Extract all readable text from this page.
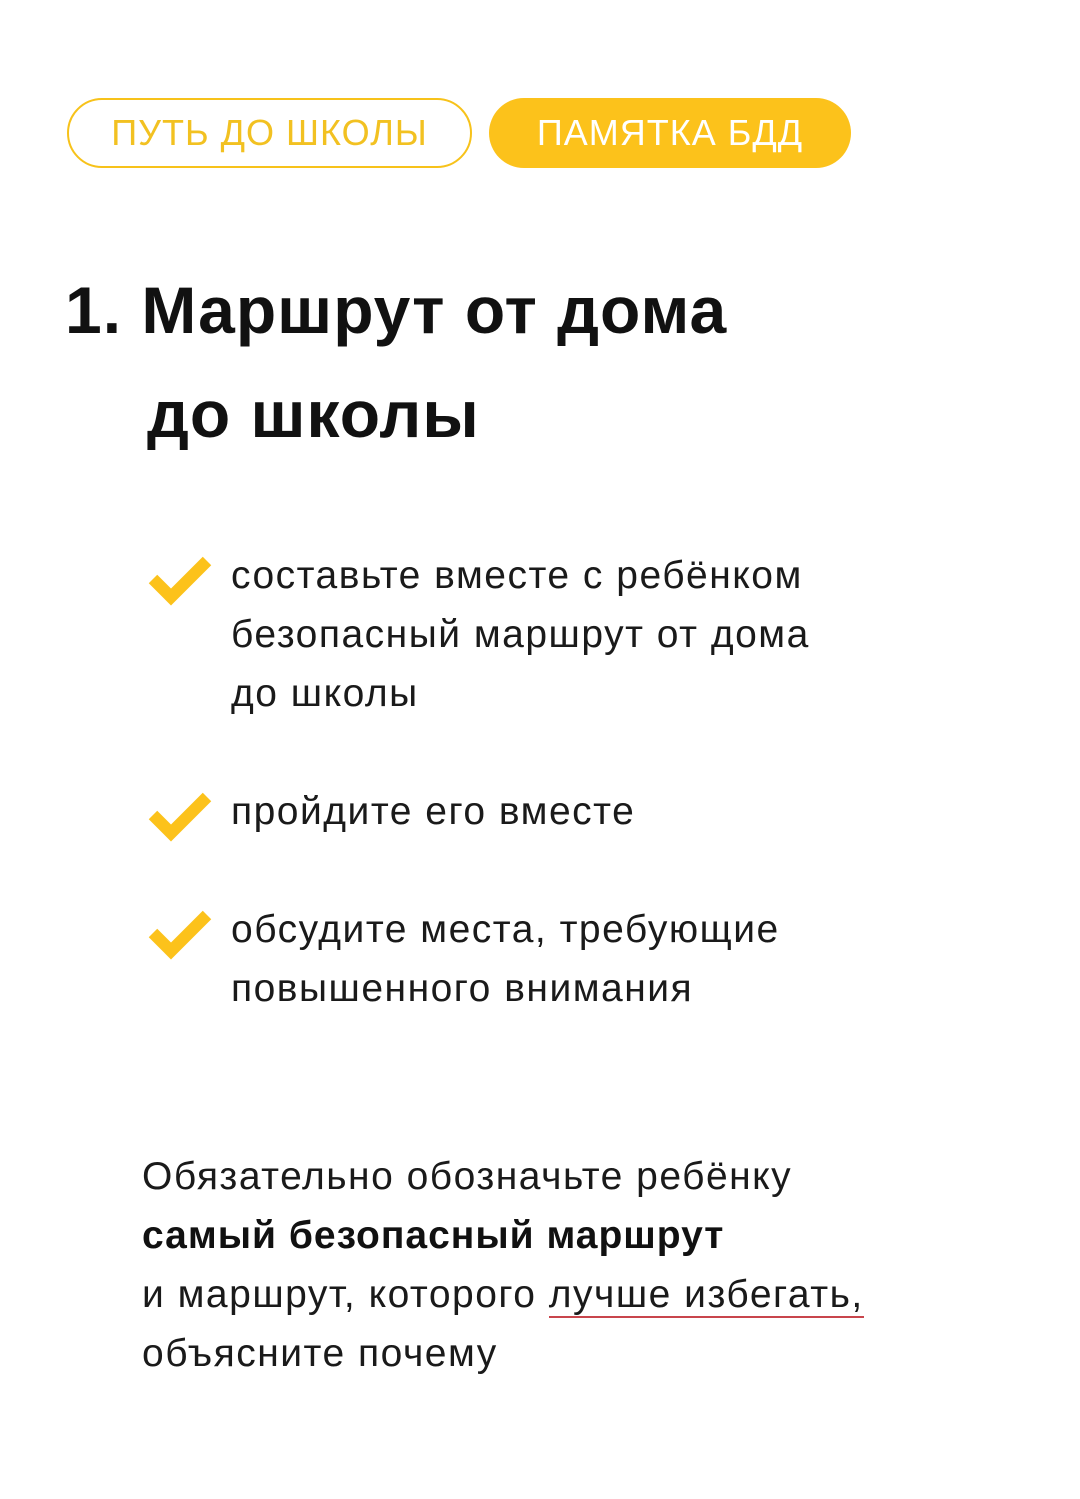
ПУТЬ ДО ШКОЛЫ	ПАМЯТКА БДД
1. Маршрут от дома
до школы

составьте вместе с ребёнком
безопасный маршрут от дома
до школы

пройдите его вместе

обсудите места, требующие
повышенного внимания

Обязательно обозначьте ребёнку
самый безопасный маршрут
и маршрут, которого лучше избегать,
объясните почему
